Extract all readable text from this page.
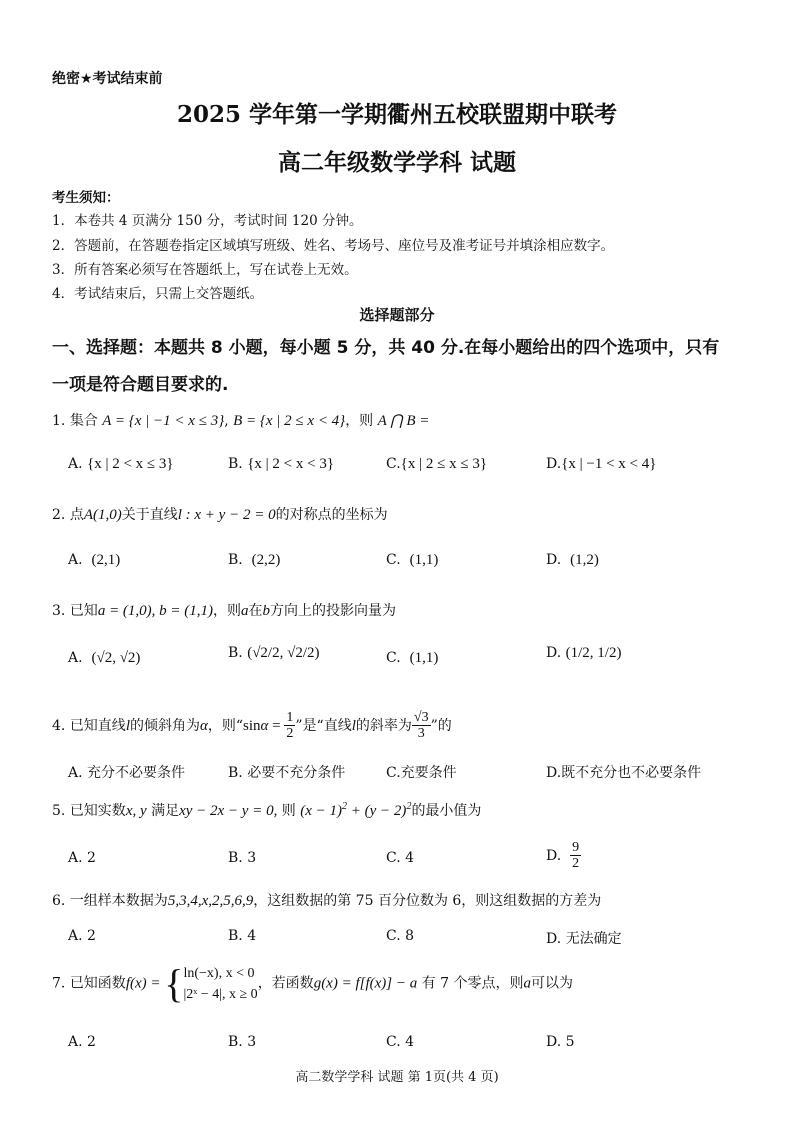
绝密★考试结束前
2025 学年第一学期衢州五校联盟期中联考
高二年级数学学科 试题
考生须知：
1．本卷共 4 页满分 150 分，考试时间 120 分钟。
2．答题前，在答题卷指定区域填写班级、姓名、考场号、座位号及准考证号并填涂相应数字。
3．所有答案必须写在答题纸上，写在试卷上无效。
4．考试结束后，只需上交答题纸。
选择题部分
一、选择题：本题共 8 小题，每小题 5 分，共 40 分.在每小题给出的四个选项中，只有
一项是符合题目要求的.
1. 集合 A = {x | −1 < x ≤ 3}, B = {x | 2 ≤ x < 4}，则 A ⋂ B =
A. {x | 2 < x ≤ 3}	B. {x | 2 < x < 3}	C.{x | 2 ≤ x ≤ 3}	D.{x | −1 < x < 4}
2. 点A(1,0)关于直线l : x + y − 2 = 0的对称点的坐标为
A. (2,1)	B. (2,2)	C. (1,1)	D. (1,2)
3. 已知a = (1,0), b = (1,1)，则a在b方向上的投影向量为
A. (√2, √2)	B. (√2/2, √2/2)	C. (1,1)	D. (1/2, 1/2)
4. 已知直线l的倾斜角为α，则“$\sin\alpha = \frac{1}{2}$ ”是“直线l的斜率为 $\frac{√3}{3}$ ”的
A. 充分不必要条件	B. 必要不充分条件	C.充要条件	D.既不充分也不必要条件
5. 已知实数x, y 满足xy − 2x − y = 0, 则 $(x - 1)^2 + (y - 2)^2$的最小值为
A. 2	B. 3	C. 4	D. $\frac{9}{2}$
6. 一组样本数据为5,3,4,x,2,5,6,9，这组数据的第 75 百分位数为 6，则这组数据的方差为
A. 2	B. 4	C. 8	D. 无法确定
7. 已知函数f(x) = { ln(−x), x < 0
|2ˣ − 4|, x ≥ 0
，若函数g(x) = f[f(x)] − a 有 7 个零点，则a可以为
A. 2	B. 3	C. 4	D. 5
高二数学学科 试题 第 1页(共 4 页)
